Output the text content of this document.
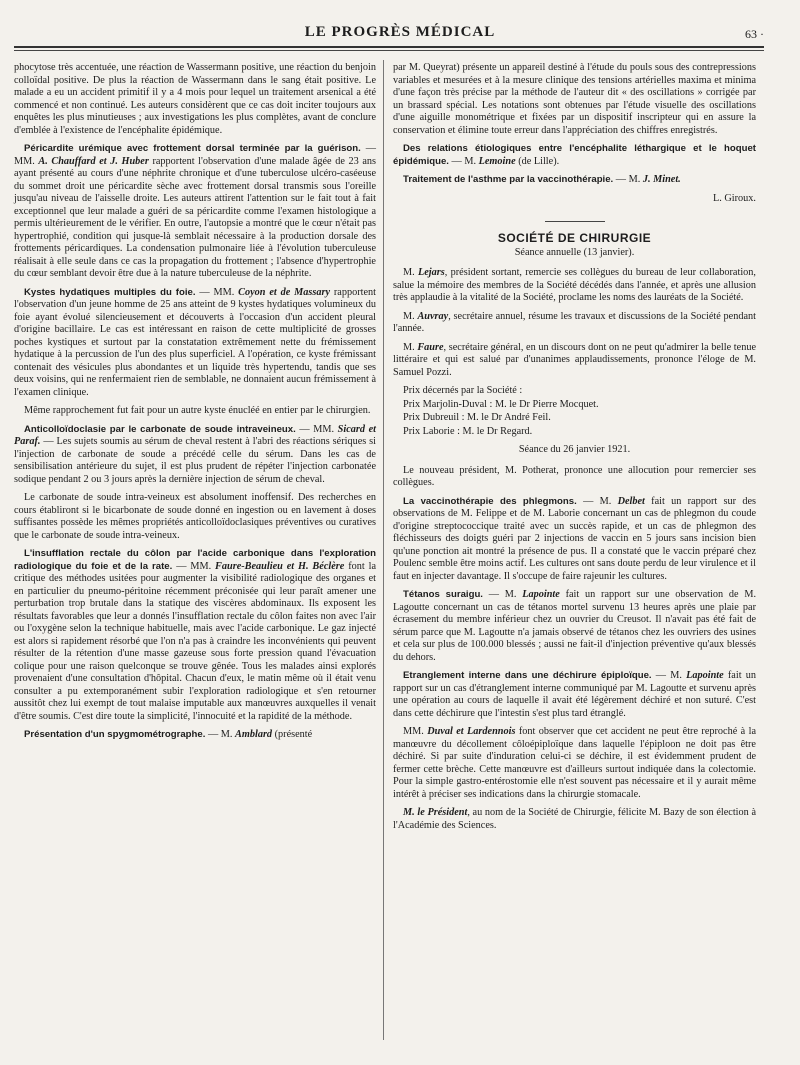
LE PROGRÈS MÉDICAL	63 ·

phocytose très accentuée, une réaction de Wassermann positive, une réaction du benjoin colloïdal positive. De plus la réaction de Wassermann dans le sang était positive. Le malade a eu un accident primitif il y a 4 mois pour lequel un traitement arsenical a été commencé et non continué. Les auteurs considèrent que ce cas doit inciter toujours aux enquêtes les plus minutieuses ; aux investigations les plus complètes, avant de conclure d'emblée à l'existence de l'encéphalite épidémique.

Péricardite urémique avec frottement dorsal terminée par la guérison. — MM. A. Chauffard et J. Huber rapportent l'observation d'une malade âgée de 23 ans ayant présenté au cours d'une néphrite chronique et d'une tuberculose ulcéro-caséeuse du sommet droit une péricardite sèche avec frottement dorsal transmis sous l'oreille jusqu'au niveau de l'aisselle droite. Les auteurs attirent l'attention sur le fait tout à fait exceptionnel que leur malade a guéri de sa péricardite comme l'examen histologique a permis ultérieurement de le vérifier. En outre, l'autopsie a montré que le cœur n'était pas hypertrophié, condition qui jusque-là semblait nécessaire à la production dorsale des frottements péricardiques. La condensation pulmonaire liée à l'évolution tuberculeuse réalisait à elle seule dans ce cas la propagation du frottement ; l'absence d'hypertrophie du cœur semblant devoir être due à la nature tuberculeuse de la néphrite.

Kystes hydatiques multiples du foie. — MM. Coyon et de Massary rapportent l'observation d'un jeune homme de 25 ans atteint de 9 kystes hydatiques volumineux du foie ayant évolué silencieusement et découverts à l'occasion d'un accident pleural d'origine bacillaire. Le cas est intéressant en raison de cette multiplicité de grosses poches kystiques et surtout par la constatation extrêmement nette du frémissement hydatique à la percussion de l'un des plus superficiel. A l'opération, ce kyste frémissant contenait des vésicules plus abondantes et un liquide très hypertendu, tandis que ses deux voisins, qui ne renfermaient rien de semblable, ne donnaient aucun frémissement à l'examen clinique.

Même rapprochement fut fait pour un autre kyste énucléé en entier par le chirurgien.

Anticolloïdoclasie par le carbonate de soude intraveineux. — MM. Sicard et Paraf. — Les sujets soumis au sérum de cheval restent à l'abri des réactions sériques si l'injection de carbonate de soude a précédé celle du sérum. Dans les cas de sensibilisation antérieure du sujet, il est plus prudent de répéter l'injection carbonatée sodique pendant 2 ou 3 jours après la dernière injection de sérum de cheval.

Le carbonate de soude intra-veineux est absolument inoffensif. Des recherches en cours établiront si le bicarbonate de soude donné en ingestion ou en lavement à doses suffisantes possède les mêmes propriétés anticolloïdoclasiques préventives ou curatives que le carbonate de soude intra-veineux.

L'insufflation rectale du côlon par l'acide carbonique dans l'exploration radiologique du foie et de la rate. — MM. Faure-Beaulieu et H. Béclère font la critique des méthodes usitées pour augmenter la visibilité radiologique des organes et en particulier du pneumo-péritoine récemment préconisée qui leur paraît amener une perturbation trop brutale dans la statique des viscères abdominaux. Ils exposent les résultats favorables que leur a donnés l'insufflation rectale du côlon faites non avec l'air ou l'oxygène selon la technique habituelle, mais avec l'acide carbonique. Le gaz injecté est alors si rapidement résorbé que l'on n'a pas à craindre les inconvénients qui peuvent résulter de la rétention d'une masse gazeuse sous forte pression quand l'évacuation colique pour une raison quelconque se trouve gênée. Tous les malades ainsi explorés provenaient d'une consultation d'hôpital. Chacun d'eux, le matin même où il était venu consulter a pu extemporanément subir l'exploration radiologique et s'en retourner aussitôt chez lui exempt de tout malaise imputable aux manœuvres auxquelles il venait d'être soumis. C'est dire toute la simplicité, l'innocuité et la rapidité de la méthode.

Présentation d'un spygmométrographe. — M. Amblard (présenté

par M. Queyrat) présente un appareil destiné à l'étude du pouls sous des contrepressions variables et mesurées et à la mesure clinique des tensions artérielles maxima et minima d'une façon très précise par la méthode de l'auteur dit « des oscillations » corrigée par un brassard spécial. Les notations sont obtenues par l'étude visuelle des oscillations d'une aiguille monométrique et fixées par un dispositif inscripteur qui en assure la conservation et élimine toute erreur dans l'appréciation des chiffres enregistrés.

Des relations étiologiques entre l'encéphalite léthargique et le hoquet épidémique. — M. Lemoine (de Lille).

Traitement de l'asthme par la vaccinothérapie. — M. J. Minet.

L. Giroux.
SOCIÉTÉ DE CHIRURGIE
Séance annuelle (13 janvier).

M. Lejars, président sortant, remercie ses collègues du bureau de leur collaboration, salue la mémoire des membres de la Société décédés dans l'année, et après une allusion très applaudie à la vitalité de la Société, proclame les noms des lauréats de la Société.

M. Auvray, secrétaire annuel, résume les travaux et discussions de la Société pendant l'année.

M. Faure, secrétaire général, en un discours dont on ne peut qu'admirer la belle tenue littéraire et qui est salué par d'unanimes applaudissements, prononce l'éloge de M. Samuel Pozzi.

Prix décernés par la Société :

Prix Marjolin-Duval : M. le Dr Pierre Mocquet.

Prix Dubreuil : M. le Dr André Feil.

Prix Laborie : M. le Dr Regard.

Séance du 26 janvier 1921.

Le nouveau président, M. Potherat, prononce une allocution pour remercier ses collègues.

La vaccinothérapie des phlegmons. — M. Delbet fait un rapport sur des observations de M. Felippe et de M. Laborie concernant un cas de phlegmon du coude d'origine streptococcique traité avec un succès rapide, et un cas de phlegmon des fléchisseurs des doigts guéri par 2 injections de vaccin en 5 jours sans incision bien qu'une ponction ait montré la présence de pus. Il a constaté que le vaccin préparé chez Poulenc semble être moins actif. Les cultures ont sans doute perdu de leur virulence et il faut en injecter davantage. Il s'occupe de faire rajeunir les cultures.

Tétanos suraigu. — M. Lapointe fait un rapport sur une observation de M. Lagoutte concernant un cas de tétanos mortel survenu 13 heures après une plaie par écrasement du membre inférieur chez un ouvrier du Creusot. Il n'avait pas été fait de sérum parce que M. Lagoutte n'a jamais observé de tétanos chez les ouvriers des usines et cela sur plus de 100.000 blessés ; aussi ne fait-il d'injection préventive qu'aux blessés du dehors.

Etranglement interne dans une déchirure épiploïque. — M. Lapointe fait un rapport sur un cas d'étranglement interne communiqué par M. Lagoutte et survenu après une opération au cours de laquelle il avait été légèrement déchiré et non suturé. C'est dans cette déchirure que l'intestin s'est plus tard étranglé.

MM. Duval et Lardennois font observer que cet accident ne peut être reproché à la manœuvre du décollement côloépiploïque dans laquelle l'épiploon ne doit pas être déchiré. Si par suite d'induration celui-ci se déchire, il est évidemment prudent de fermer cette brèche. Cette manœuvre est d'ailleurs surtout indiquée dans la colectomie. Pour la simple gastro-entérostomie elle n'est souvent pas nécessaire et il y aurait même intérêt à préciser ses indications dans la chirurgie stomacale.

M. le Président, au nom de la Société de Chirurgie, félicite M. Bazy de son élection à l'Académie des Sciences.
